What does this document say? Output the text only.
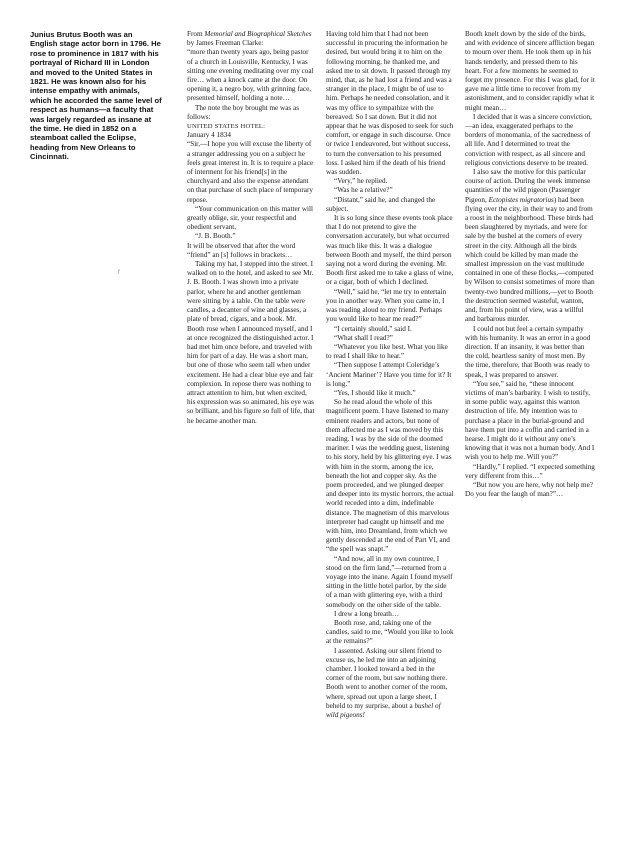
Junius Brutus Booth was an English stage actor born in 1796. He rose to prominence in 1817 with his portrayal of Richard III in London and moved to the United States in 1821. He was known also for his intense empathy with animals, which he accorded the same level of respect as humans—a faculty that was largely regarded as insane at the time. He died in 1852 on a steamboat called the Eclipse, heading from New Orleans to Cincinnati.
f

From Memorial and Biographical Sketches by James Freeman Clarke:

“more than twenty years ago, being pastor of a church in Louisville, Kentucky, I was sitting one evening meditating over my coal fire… when a knock came at the door. On opening it, a negro boy, with grinning face, presented himself, holding a note…

The note the boy brought me was as follows:

UNITED STATES HOTEL:

January 4 1834

“Sir,—I hope you will excuse the liberty of a stranger addressing you on a subject he feels great interest in. It is to require a place of interment for his friend[s] in the churchyard and also the expense attendant on that purchase of such place of temporary repose.

“Your communication on this matter will greatly oblige, sir, your respectful and obedient servant,

“J. B. Booth.”

It will be observed that after the word “friend” an [s] follows in brackets…

Taking my hat, I stepped into the street. I walked on to the hotel, and asked to see Mr. J. B. Booth. I was shown into a private parlor, where he and another gentleman were sitting by a table. On the table were candles, a decanter of wine and glasses, a plate of bread, cigars, and a book. Mr. Booth rose when I announced myself, and I at once recognized the distinguished actor. I had met him once before, and traveled with him for part of a day. He was a short man, but one of those who seem tall when under excitement. He had a clear blue eye and fair complexion. In repose there was nothing to attract attention to him, but when excited, his expression was so animated, his eye was so brilliant, and his figure so full of life, that he became another man.

Having told him that I had not been successful in procuring the information he desired, but would bring it to him on the following morning, he thanked me, and asked me to sit down. It passed through my mind, that, as he had lost a friend and was a stranger in the place, I might be of use to him. Perhaps he needed consolation, and it was my office to sympathize with the bereaved. So I sat down. But it did not appear that he was disposed to seek for such comfort, or engage in such discourse. Once or twice I endeavored, but without success, to turn the conversation to his presumed loss. I asked him if the death of his friend was sudden.

“Very,” he replied.

“Was he a relative?”

“Distant,” said he, and changed the subject.

It is so long since these events took place that I do not pretend to give the conversation accurately, but what occurred was much like this. It was a dialogue between Booth and myself, the third person saying not a word during the evening. Mr. Booth first asked me to take a glass of wine, or a cigar, both of which I declined.

“Well,” said he, “let me try to entertain you in another way. When you came in, I was reading aloud to my friend. Perhaps you would like to hear me read?”

“I certainly should,” said I.

“What shall I read?”

“Whatever you like best. What you like to read I shall like to hear.”

“Then suppose I attempt Coleridge’s ‘Ancient Mariner’? Have you time for it? It is long.”

“Yes, I should like it much.”

So he read aloud the whole of this magnificent poem. I have listened to many eminent readers and actors, but none of them affected me as I was moved by this reading. I was by the side of the doomed mariner. I was the wedding guest, listening to his story, held by his glittering eye. I was with him in the storm, among the ice, beneath the hot and copper sky. As the poem proceeded, and we plunged deeper and deeper into its mystic horrors, the actual world receded into a dim, indefinable distance. The magnetism of this marvelous interpreter had caught up himself and me with him, into Dreamland, from which we gently descended at the end of Part VI, and “the spell was snapt.”

“And now, all in my own countree, I stood on the firm land,”—returned from a voyage into the inane. Again I found myself sitting in the little hotel parlor, by the side of a man with glittering eye, with a third somebody on the other side of the table.

I drew a long breath…

Booth rose, and, taking one of the candles, said to me, “Would you like to look at the remains?”

I assented. Asking our silent friend to excuse us, he led me into an adjoining chamber. I looked toward a bed in the corner of the room, but saw nothing there. Booth went to another corner of the room, where, spread out upon a large sheet, I beheld to my surprise, about a bushel of wild pigeons!

Booth knelt down by the side of the birds, and with evidence of sincere affliction began to mourn over them. He took them up in his hands tenderly, and pressed them to his heart. For a few moments he seemed to forget my presence. For this I was glad, for it gave me a little time to recover from my astonishment, and to consider rapidly what it might mean…

I decided that it was a sincere conviction,—an idea, exaggerated perhaps to the borders of monomania, of the sacredness of all life. And I determined to treat the conviction with respect, as all sincere and religious convictions deserve to be treated.

I also saw the motive for this particular course of action. During the week immense quantities of the wild pigeon (Passenger Pigeon, Ectopistes migratorius) had been flying over the city, in their way to and from a roost in the neighborhood. These birds had been slaughtered by myriads, and were for sale by the bushel at the corners of every street in the city. Although all the birds which could be killed by man made the smallest impression on the vast multitude contained in one of these flocks,—computed by Wilson to consist sometimes of more than twenty-two hundred millions,—yet to Booth the destruction seemed wasteful, wanton, and, from his point of view, was a willful and barbarous murder.

I could not but feel a certain sympathy with his humanity. It was an error in a good direction. If an insanity, it was better than the cold, heartless sanity of most men. By the time, therefore, that Booth was ready to speak, I was prepared to answer.

“You see,” said he, “these innocent victims of man’s barbarity. I wish to testify, in some public way, against this wanton destruction of life. My intention was to purchase a place in the burial-ground and have them put into a coffin and carried in a hearse. I might do it without any one’s knowing that it was not a human body. And I wish you to help me. Will you?”

“Hardly,” I replied. “I expected something very different from this…”

“But now you are here, why not help me? Do you fear the laugh of man?”…
